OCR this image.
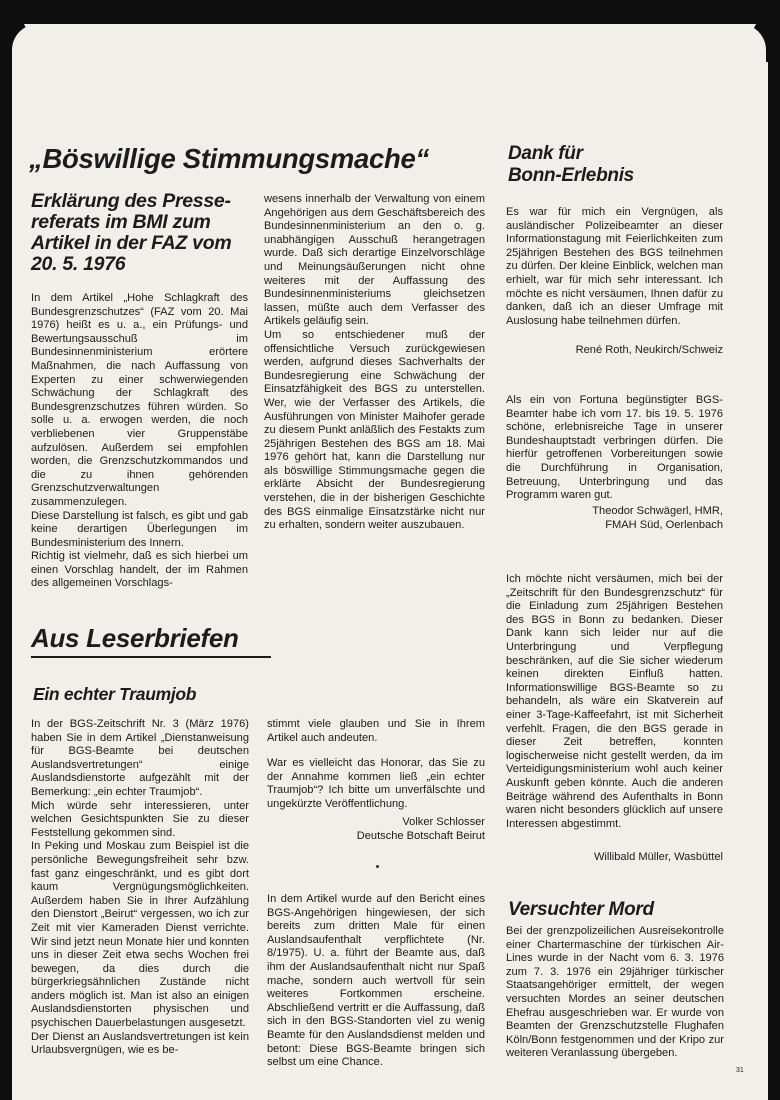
„Böswillige Stimmungsmache“
Erklärung des Pressereferats im BMI zum Artikel in der FAZ vom 20. 5. 1976

In dem Artikel „Hohe Schlagkraft des Bundesgrenzschutzes“ (FAZ vom 20. Mai 1976) heißt es u. a., ein Prüfungs- und Bewertungsausschuß im Bundesinnenministerium erörtere Maßnahmen, die nach Auffassung von Experten zu einer schwerwiegenden Schwächung der Schlagkraft des Bundesgrenzschutzes führen würden. So solle u. a. erwogen werden, die noch verbliebenen vier Gruppenstäbe aufzulösen. Außerdem sei empfohlen worden, die Grenzschutzkommandos und die zu ihnen gehörenden Grenzschutzverwaltungen zusammenzulegen.

Diese Darstellung ist falsch, es gibt und gab keine derartigen Überlegungen im Bundesministerium des Innern.

Richtig ist vielmehr, daß es sich hierbei um einen Vorschlag handelt, der im Rahmen des allgemeinen Vorschlags-

wesens innerhalb der Verwaltung von einem Angehörigen aus dem Geschäftsbereich des Bundesinnenministerium an den o. g. unabhängigen Ausschuß herangetragen wurde. Daß sich derartige Einzelvorschläge und Meinungsäußerungen nicht ohne weiteres mit der Auffassung des Bundesinnenministeriums gleichsetzen lassen, müßte auch dem Verfasser des Artikels geläufig sein.

Um so entschiedener muß der offensichtliche Versuch zurückgewiesen werden, aufgrund dieses Sachverhalts der Bundesregierung eine Schwächung der Einsatzfähigkeit des BGS zu unterstellen. Wer, wie der Verfasser des Artikels, die Ausführungen von Minister Maihofer gerade zu diesem Punkt anläßlich des Festakts zum 25jährigen Bestehen des BGS am 18. Mai 1976 gehört hat, kann die Darstellung nur als böswillige Stimmungsmache gegen die erklärte Absicht der Bundesregierung verstehen, die in der bisherigen Geschichte des BGS einmalige Einsatzstärke nicht nur zu erhalten, sondern weiter auszubauen.

Dank für
Bonn-Erlebnis

Es war für mich ein Vergnügen, als ausländischer Polizeibeamter an dieser Informationstagung mit Feierlichkeiten zum 25jährigen Bestehen des BGS teilnehmen zu dürfen. Der kleine Einblick, welchen man erhielt, war für mich sehr interessant. Ich möchte es nicht versäumen, Ihnen dafür zu danken, daß ich an dieser Umfrage mit Auslosung habe teilnehmen dürfen.

René Roth, Neukirch/Schweiz

Als ein von Fortuna begünstigter BGS-Beamter habe ich vom 17. bis 19. 5. 1976 schöne, erlebnisreiche Tage in unserer Bundeshauptstadt verbringen dürfen. Die hierfür getroffenen Vorbereitungen sowie die Durchführung in Organisation, Betreuung, Unterbringung und das Programm waren gut.

Theodor Schwägerl, HMR,
FMAH Süd, Oerlenbach

Ich möchte nicht versäumen, mich bei der „Zeitschrift für den Bundesgrenzschutz“ für die Einladung zum 25jährigen Bestehen des BGS in Bonn zu bedanken. Dieser Dank kann sich leider nur auf die Unterbringung und Verpflegung beschränken, auf die Sie sicher wiederum keinen direkten Einfluß hatten. Informationswillige BGS-Beamte so zu behandeln, als wäre ein Skatverein auf einer 3-Tage-Kaffeefahrt, ist mit Sicherheit verfehlt. Fragen, die den BGS gerade in dieser Zeit betreffen, konnten logischerweise nicht gestellt werden, da im Verteidigungsministerium wohl auch keiner Auskunft geben könnte. Auch die anderen Beiträge während des Aufenthalts in Bonn waren nicht besonders glücklich auf unsere Interessen abgestimmt.

Willibald Müller, Wasbüttel

Aus Leserbriefen
Ein echter Traumjob

In der BGS-Zeitschrift Nr. 3 (März 1976) haben Sie in dem Artikel „Dienstanweisung für BGS-Beamte bei deutschen Auslandsvertretungen“ einige Auslandsdienstorte aufgezählt mit der Bemerkung: „ein echter Traumjob“.

Mich würde sehr interessieren, unter welchen Gesichtspunkten Sie zu dieser Feststellung gekommen sind.

In Peking und Moskau zum Beispiel ist die persönliche Bewegungsfreiheit sehr bzw. fast ganz eingeschränkt, und es gibt dort kaum Vergnügungsmöglichkeiten. Außerdem haben Sie in Ihrer Aufzählung den Dienstort „Beirut“ vergessen, wo ich zur Zeit mit vier Kameraden Dienst verrichte. Wir sind jetzt neun Monate hier und konnten uns in dieser Zeit etwa sechs Wochen frei bewegen, da dies durch die bürgerkriegsähnlichen Zustände nicht anders möglich ist. Man ist also an einigen Auslandsdienstorten physischen und psychischen Dauerbelastungen ausgesetzt.

Der Dienst an Auslandsvertretungen ist kein Urlaubsvergnügen, wie es be-

stimmt viele glauben und Sie in Ihrem Artikel auch andeuten.

War es vielleicht das Honorar, das Sie zu der Annahme kommen ließ „ein echter Traumjob“? Ich bitte um unverfälschte und ungekürzte Veröffentlichung.

Volker Schlosser
Deutsche Botschaft Beirut

In dem Artikel wurde auf den Bericht eines BGS-Angehörigen hingewiesen, der sich bereits zum dritten Male für einen Auslandsaufenthalt verpflichtete (Nr. 8/1975). U. a. führt der Beamte aus, daß ihm der Auslandsaufenthalt nicht nur Spaß mache, sondern auch wertvoll für sein weiteres Fortkommen erscheine. Abschließend vertritt er die Auffassung, daß sich in den BGS-Standorten viel zu wenig Beamte für den Auslandsdienst melden und betont: Diese BGS-Beamte bringen sich selbst um eine Chance.

Versuchter Mord

Bei der grenzpolizeilichen Ausreisekontrolle einer Chartermaschine der türkischen Air-Lines wurde in der Nacht vom 6. 3. 1976 zum 7. 3. 1976 ein 29jähriger türkischer Staatsangehöriger ermittelt, der wegen versuchten Mordes an seiner deutschen Ehefrau ausgeschrieben war. Er wurde von Beamten der Grenzschutzstelle Flughafen Köln/Bonn festgenommen und der Kripo zur weiteren Veranlassung übergeben.

31
